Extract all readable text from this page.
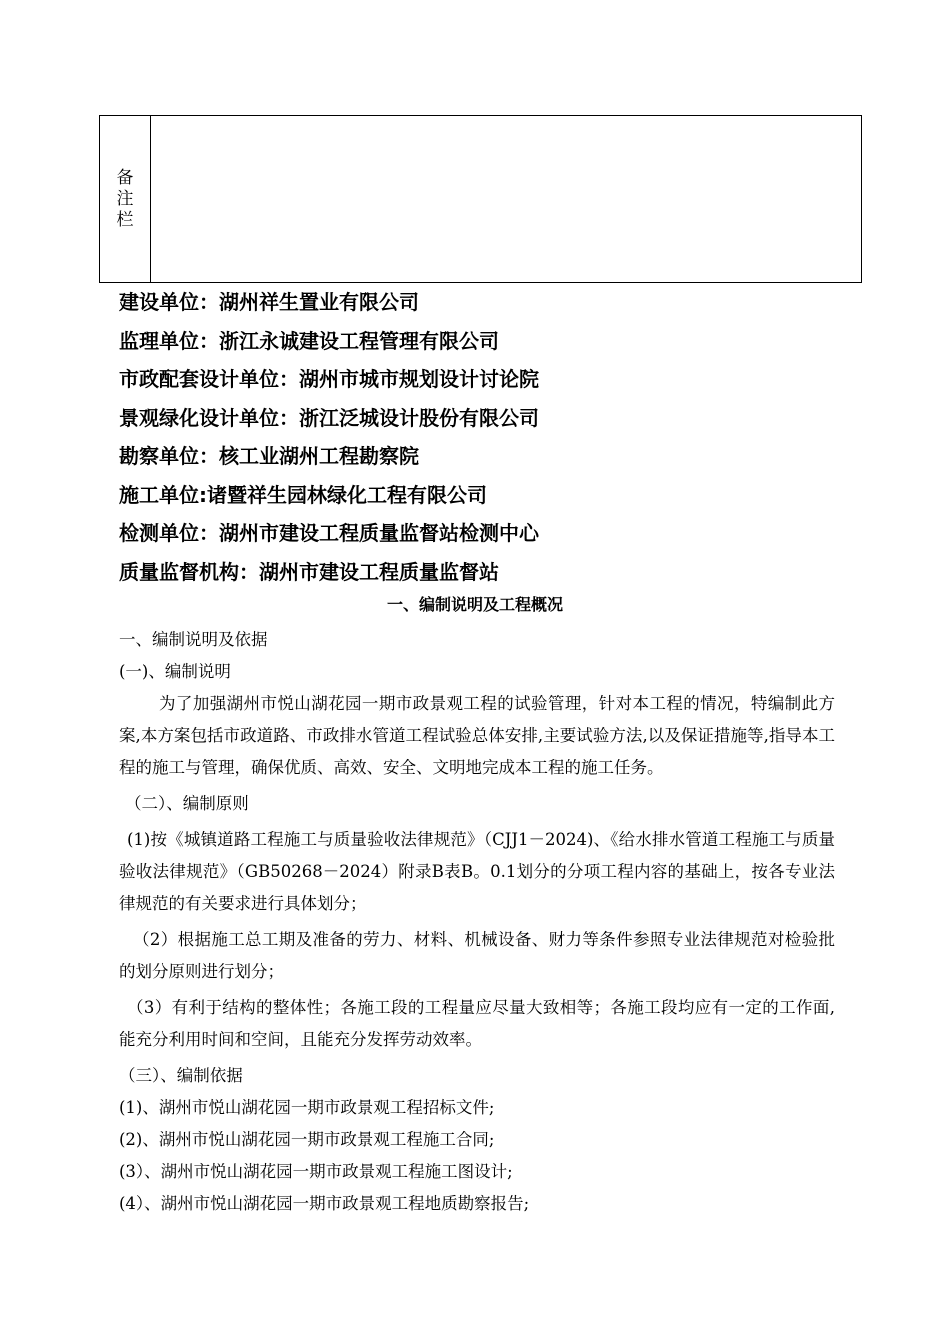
备
注
栏
建设单位：湖州祥生置业有限公司
监理单位：浙江永诚建设工程管理有限公司
市政配套设计单位：湖州市城市规划设计讨论院
景观绿化设计单位：浙江泛城设计股份有限公司
勘察单位：核工业湖州工程勘察院
施工单位:诸暨祥生园林绿化工程有限公司
检测单位：湖州市建设工程质量监督站检测中心
质量监督机构：湖州市建设工程质量监督站
一、编制说明及工程概况

一、编制说明及依据

(一)、编制说明

为了加强湖州市悦山湖花园一期市政景观工程的试验管理，针对本工程的情况，特编制此方案,本方案包括市政道路、市政排水管道工程试验总体安排,主要试验方法,以及保证措施等,指导本工程的施工与管理，确保优质、高效、安全、文明地完成本工程的施工任务。

（二）、编制原则

(1)按《城镇道路工程施工与质量验收法律规范》（CJJ1－2024)、《给水排水管道工程施工与质量验收法律规范》（GB50268－2024）附录B表B。0.1划分的分项工程内容的基础上，按各专业法律规范的有关要求进行具体划分；

（2）根据施工总工期及准备的劳力、材料、机械设备、财力等条件参照专业法律规范对检验批的划分原则进行划分；

（3）有利于结构的整体性；各施工段的工程量应尽量大致相等；各施工段均应有一定的工作面,能充分利用时间和空间，且能充分发挥劳动效率。

（三）、编制依据

(1)、湖州市悦山湖花园一期市政景观工程招标文件;

(2)、湖州市悦山湖花园一期市政景观工程施工合同;

(3）、湖州市悦山湖花园一期市政景观工程施工图设计;

(4）、湖州市悦山湖花园一期市政景观工程地质勘察报告;
